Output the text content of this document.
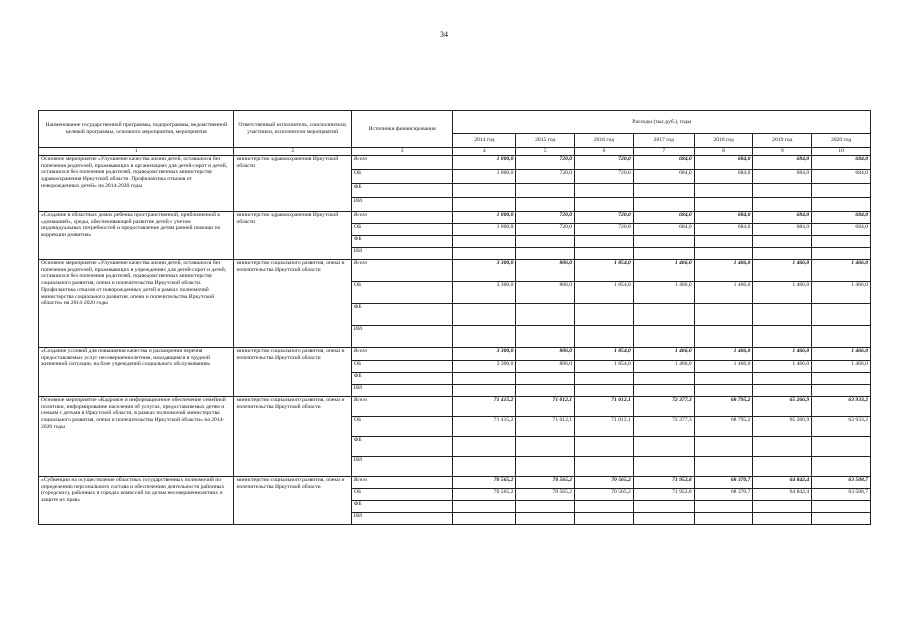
34
Наименование государственной программы, подпрограммы, ведомственной целевой программы, основного мероприятия, мероприятия	Ответственный исполнитель, соисполнители, участники, исполнители мероприятий	Источники финансирования	Расходы (тыс.руб.), годы						
			2014 год	2015 год	2016 год	2017 год	2018 год	2019 год	2020 год
1	2	3	4	5	6	7	8	9	10
Основное мероприятие «Улучшение качества жизни детей, оставшихся без попечения родителей, проживающих в организациях для детей-сирот и детей, оставшихся без попечения родителей, подведомственных министерству здравоохранения Иркутской области. Профилактика отказов от новорожденных детей» на 2014-2020 годы	министерство здравоохранения Иркутской области	Всего	1 000,0	720,0	720,0	684,0	684,0	684,0	684,0
		ОБ	1 000,0	720,0	720,0	684,0	684,0	684,0	684,0
		ФБ							
		ИИ							
«Создание в областных домах ребенка пространственной, приближенной к «домашней», среды, обеспечивающей развитие детей с учетом индивидуальных потребностей и предоставление детям ранней помощи по коррекции развития»	министерство здравоохранения Иркутской области	Всего	1 000,0	720,0	720,0	684,0	684,0	684,0	684,0
		ОБ	1 000,0	720,0	720,0	684,0	684,0	684,0	684,0
		ФБ							
		ИИ							
Основное мероприятие «Улучшение качества жизни детей, оставшихся без попечения родителей, проживающих в учреждениях для детей-сирот и детей, оставшихся без попечения родителей, подведомственных министерству социального развития, опеки и попечительства Иркутской области. Профилактика отказов от новорожденных детей в рамках полномочий министерства социального развития, опеки и попечительства Иркутской области» на 2014-2020 годы	министерство социального развития, опеки и попечительства Иркутской области	Всего	3 300,0	806,0	1 854,0	1 466,0	1 466,0	1 466,0	1 466,0
		ОБ	3 300,0	806,0	1 854,0	1 466,0	1 466,0	1 466,0	1 466,0
		ФБ							
		ИИ							
«Создание условий для повышения качества и расширения перечня предоставляемых услуг несовершеннолетним, находящимся в трудной жизненной ситуации, на базе учреждений социального обслуживания»	министерство социального развития, опеки и попечительства Иркутской области	Всего	3 300,0	806,0	1 854,0	1 466,0	1 466,0	1 466,0	1 466,0
		ОБ	3 300,0	806,0	1 854,0	1 466,0	1 466,0	1 466,0	1 466,0
		ФБ							
		ИИ							
Основное мероприятие «Кадровое и информационное обеспечение семейной политики, информирование населения об услугах, предоставляемых детям и семьям с детьми в Иркутской области, в рамках полномочий министерства социального развития, опеки и попечительства Иркутской области» на 2014-2020 годы	министерство социального развития, опеки и попечительства Иркутской области	Всего	71 415,2	71 012,1	71 012,1	72 377,3	68 795,2	65 266,9	63 933,2
		ОБ	71 415,2	71 012,1	71 012,1	72 377,3	68 795,2	65 266,9	63 933,2
		ФБ							
		ИИ							
«Субвенции на осуществление областных государственных полномочий по определению персонального состава и обеспечению деятельности районных (городских), районных в городах комиссий по делам несовершеннолетних и защите их прав»	министерство социального развития, опеки и попечительства Иркутской области	Всего	70 565,2	70 565,2	70 565,2	71 952,8	68 370,7	64 842,4	63 508,7
		ОБ	70 565,2	70 565,2	70 565,2	71 952,8	68 370,7	64 842,4	63 508,7
		ФБ							
		ИИ							
